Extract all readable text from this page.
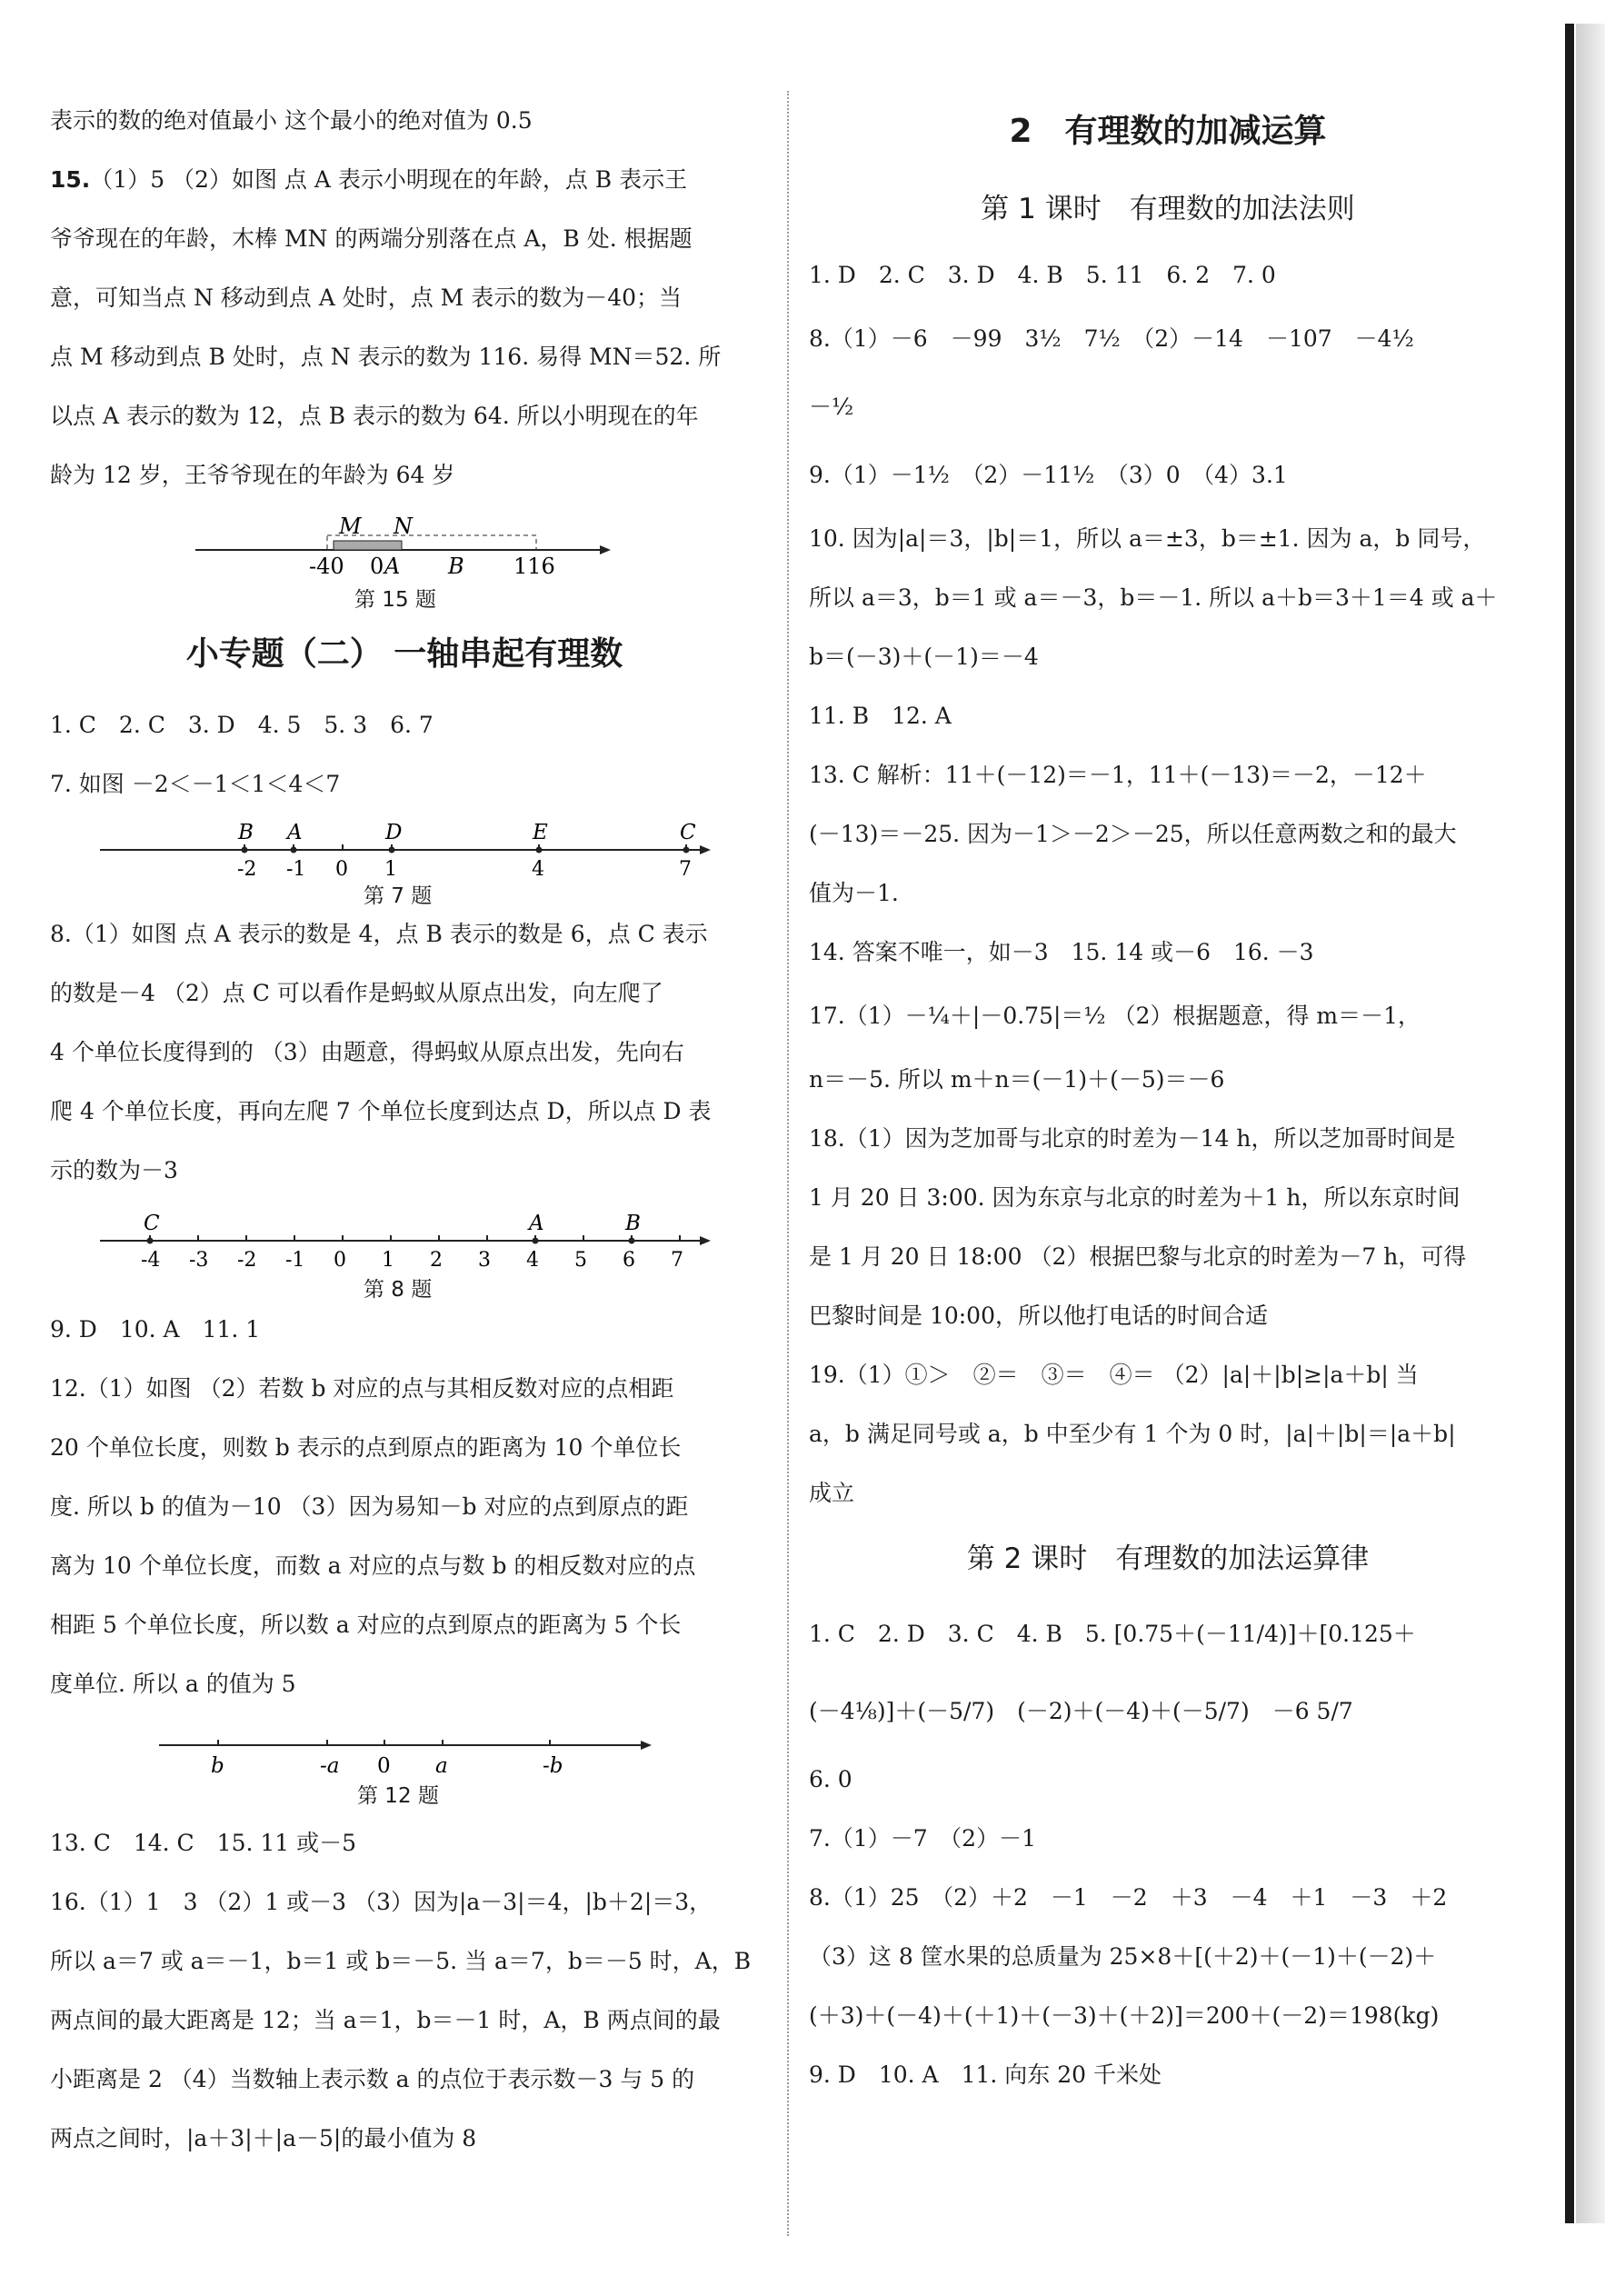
表示的数的绝对值最小 这个最小的绝对值为 0.5

15.（1）5 （2）如图 点 A 表示小明现在的年龄，点 B 表示王

爷爷现在的年龄，木棒 MN 的两端分别落在点 A，B 处. 根据题

意，可知当点 N 移动到点 A 处时，点 M 表示的数为－40；当

点 M 移动到点 B 处时，点 N 表示的数为 116. 易得 MN＝52. 所

以点 A 表示的数为 12，点 B 表示的数为 64. 所以小明现在的年

龄为 12 岁，王爷爷现在的年龄为 64 岁

M N
-40 0 A B 116
第 15 题

小专题（二） 一轴串起有理数

1. C　2. C　3. D　4. 5　5. 3　6. 7

7. 如图 －2＜－1＜1＜4＜7

-2 -1 0 1	4	7
B A	D	E	C
第 7 题

8.（1）如图 点 A 表示的数是 4，点 B 表示的数是 6，点 C 表示

的数是－4 （2）点 C 可以看作是蚂蚁从原点出发，向左爬了

4 个单位长度得到的 （3）由题意，得蚂蚁从原点出发，先向右

爬 4 个单位长度，再向左爬 7 个单位长度到达点 D，所以点 D 表

示的数为－3

-4 -3 -2 -1 0 1 2 3 4 5 6 7
C	A	B
第 8 题

9. D　10. A　11. 1

12.（1）如图 （2）若数 b 对应的点与其相反数对应的点相距

20 个单位长度，则数 b 表示的点到原点的距离为 10 个单位长

度. 所以 b 的值为－10 （3）因为易知－b 对应的点到原点的距

离为 10 个单位长度，而数 a 对应的点与数 b 的相反数对应的点

相距 5 个单位长度，所以数 a 对应的点到原点的距离为 5 个长

度单位. 所以 a 的值为 5

b	-a 0 a	-b
第 12 题

13. C　14. C　15. 11 或－5

16.（1）1　3 （2）1 或－3 （3）因为|a－3|＝4，|b＋2|＝3，

所以 a＝7 或 a＝－1，b＝1 或 b＝－5. 当 a＝7，b＝－5 时，A，B

两点间的最大距离是 12；当 a＝1，b＝－1 时，A，B 两点间的最

小距离是 2 （4）当数轴上表示数 a 的点位于表示数－3 与 5 的

两点之间时，|a＋3|＋|a－5|的最小值为 8

2　有理数的加减运算

第 1 课时　有理数的加法法则

1. D　2. C　3. D　4. B　5. 11　6. 2　7. 0

8.（1）－6　－99　3½　7½　（2）－14　－107　－4½

－½

9.（1）－1½　（2）－11½　（3）0　（4）3.1

10. 因为|a|＝3，|b|＝1，所以 a＝±3，b＝±1. 因为 a，b 同号，

所以 a＝3，b＝1 或 a＝－3，b＝－1. 所以 a＋b＝3＋1＝4 或 a＋

b＝(－3)＋(－1)＝－4

11. B　12. A

13. C 解析：11＋(－12)＝－1，11＋(－13)＝－2，－12＋

(－13)＝－25. 因为－1＞－2＞－25，所以任意两数之和的最大

值为－1.

14. 答案不唯一，如－3　15. 14 或－6　16. －3

17.（1）－¼＋|－0.75|＝½ （2）根据题意，得 m＝－1，

n＝－5. 所以 m＋n＝(－1)＋(－5)＝－6

18.（1）因为芝加哥与北京的时差为－14 h，所以芝加哥时间是

1 月 20 日 3:00. 因为东京与北京的时差为＋1 h，所以东京时间

是 1 月 20 日 18:00 （2）根据巴黎与北京的时差为－7 h，可得

巴黎时间是 10:00，所以他打电话的时间合适

19.（1）①＞　②＝　③＝　④＝ （2）|a|＋|b|≥|a＋b| 当

a，b 满足同号或 a，b 中至少有 1 个为 0 时，|a|＋|b|＝|a＋b|

成立

第 2 课时　有理数的加法运算律

1. C　2. D　3. C　4. B　5. [0.75＋(－11/4)]＋[0.125＋

(－4⅛)]＋(－5/7)　(－2)＋(－4)＋(－5/7)　－6 5/7

6. 0

7.（1）－7　（2）－1

8.（1）25　（2）＋2　－1　－2　＋3　－4　＋1　－3　＋2

（3）这 8 筐水果的总质量为 25×8＋[(＋2)＋(－1)＋(－2)＋

(＋3)＋(－4)＋(＋1)＋(－3)＋(＋2)]＝200＋(－2)＝198(kg)

9. D　10. A　11. 向东 20 千米处
